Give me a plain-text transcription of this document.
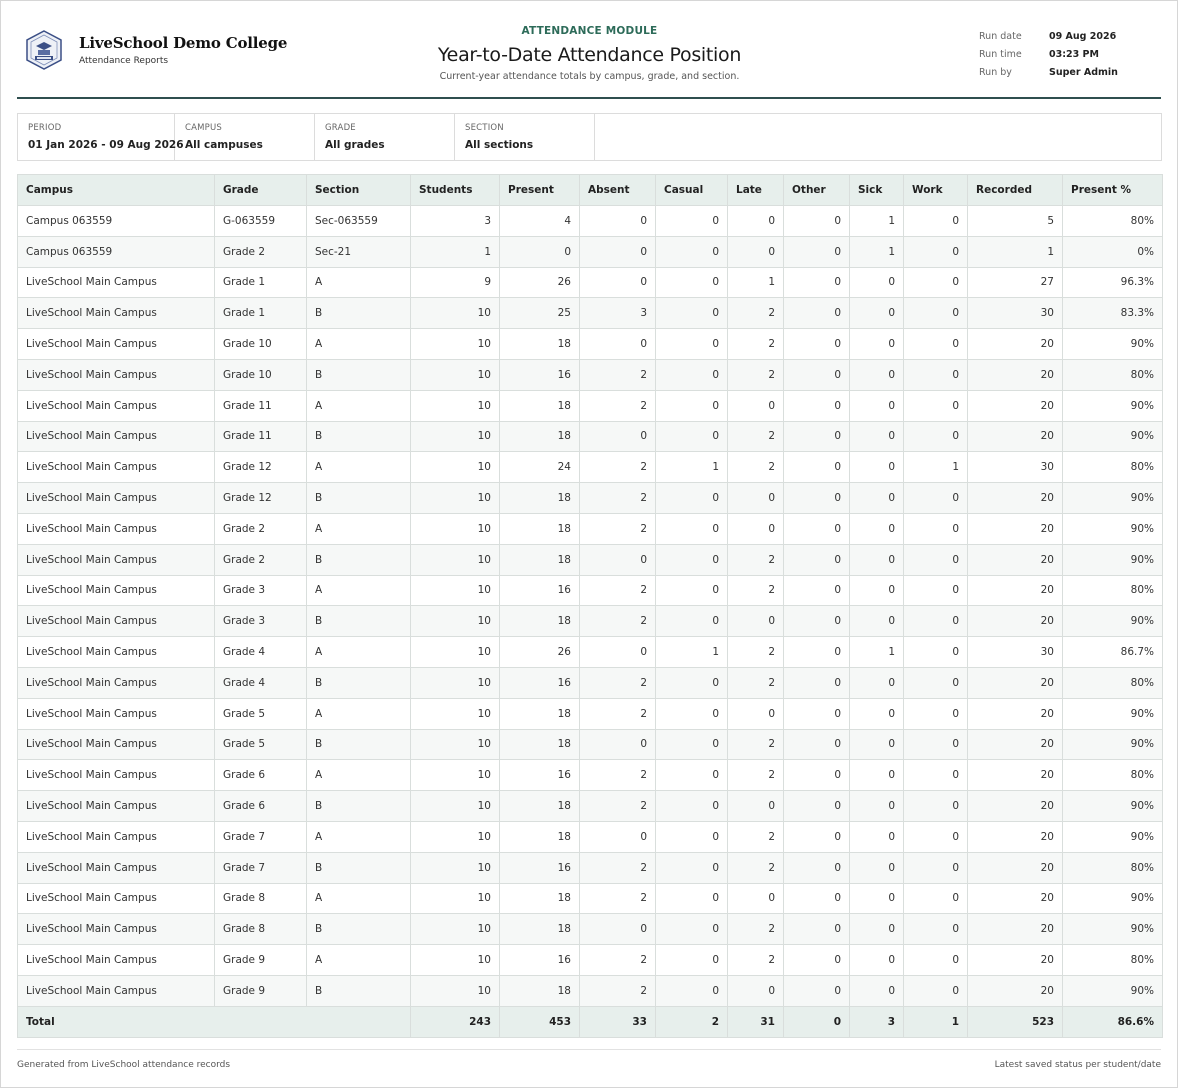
LiveSchool Demo College
Attendance Reports
ATTENDANCE MODULE
Year-to-Date Attendance Position
Current-year attendance totals by campus, grade, and section.
Run date	09 Aug 2026
Run time	03:23 PM
Run by	Super Admin
PERIOD
01 Jan 2026 - 09 Aug 2026
CAMPUS
All campuses
GRADE
All grades
SECTION
All sections
Campus	Grade	Section	Students	Present	Absent	Casual	Late	Other	Sick	Work	Recorded	Present %
Campus 063559	G-063559	Sec-063559	3	4	0	0	0	0	1	0	5	80%
Campus 063559	Grade 2	Sec-21	1	0	0	0	0	0	1	0	1	0%
LiveSchool Main Campus	Grade 1	A	9	26	0	0	1	0	0	0	27	96.3%
LiveSchool Main Campus	Grade 1	B	10	25	3	0	2	0	0	0	30	83.3%
LiveSchool Main Campus	Grade 10	A	10	18	0	0	2	0	0	0	20	90%
LiveSchool Main Campus	Grade 10	B	10	16	2	0	2	0	0	0	20	80%
LiveSchool Main Campus	Grade 11	A	10	18	2	0	0	0	0	0	20	90%
LiveSchool Main Campus	Grade 11	B	10	18	0	0	2	0	0	0	20	90%
LiveSchool Main Campus	Grade 12	A	10	24	2	1	2	0	0	1	30	80%
LiveSchool Main Campus	Grade 12	B	10	18	2	0	0	0	0	0	20	90%
LiveSchool Main Campus	Grade 2	A	10	18	2	0	0	0	0	0	20	90%
LiveSchool Main Campus	Grade 2	B	10	18	0	0	2	0	0	0	20	90%
LiveSchool Main Campus	Grade 3	A	10	16	2	0	2	0	0	0	20	80%
LiveSchool Main Campus	Grade 3	B	10	18	2	0	0	0	0	0	20	90%
LiveSchool Main Campus	Grade 4	A	10	26	0	1	2	0	1	0	30	86.7%
LiveSchool Main Campus	Grade 4	B	10	16	2	0	2	0	0	0	20	80%
LiveSchool Main Campus	Grade 5	A	10	18	2	0	0	0	0	0	20	90%
LiveSchool Main Campus	Grade 5	B	10	18	0	0	2	0	0	0	20	90%
LiveSchool Main Campus	Grade 6	A	10	16	2	0	2	0	0	0	20	80%
LiveSchool Main Campus	Grade 6	B	10	18	2	0	0	0	0	0	20	90%
LiveSchool Main Campus	Grade 7	A	10	18	0	0	2	0	0	0	20	90%
LiveSchool Main Campus	Grade 7	B	10	16	2	0	2	0	0	0	20	80%
LiveSchool Main Campus	Grade 8	A	10	18	2	0	0	0	0	0	20	90%
LiveSchool Main Campus	Grade 8	B	10	18	0	0	2	0	0	0	20	90%
LiveSchool Main Campus	Grade 9	A	10	16	2	0	2	0	0	0	20	80%
LiveSchool Main Campus	Grade 9	B	10	18	2	0	0	0	0	0	20	90%
Total			243	453	33	2	31	0	3	1	523	86.6%
Generated from LiveSchool attendance records	Latest saved status per student/date
